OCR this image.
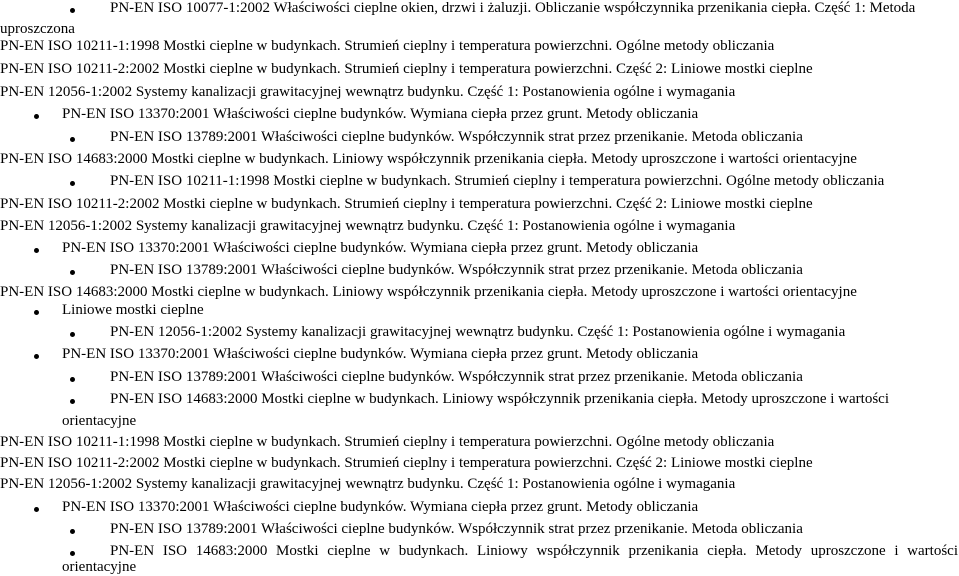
PN-EN ISO 10077-1:2002 Właściwości cieplne okien, drzwi i żaluzji. Obliczanie współczynnika przenikania ciepła. Część 1: Metoda
uproszczona
PN-EN ISO 10211-1:1998 Mostki cieplne w budynkach. Strumień cieplny i temperatura powierzchni. Ogólne metody obliczania
PN-EN ISO 10211-2:2002 Mostki cieplne w budynkach. Strumień cieplny i temperatura powierzchni. Część 2: Liniowe mostki cieplne
PN-EN 12056-1:2002 Systemy kanalizacji grawitacyjnej wewnątrz budynku. Część 1: Postanowienia ogólne i wymagania
PN-EN ISO 13370:2001 Właściwości cieplne budynków. Wymiana ciepła przez grunt. Metody obliczania
PN-EN ISO 13789:2001 Właściwości cieplne budynków. Współczynnik strat przez przenikanie. Metoda obliczania
PN-EN ISO 14683:2000 Mostki cieplne w budynkach. Liniowy współczynnik przenikania ciepła. Metody uproszczone i wartości orientacyjne
PN-EN ISO 10211-1:1998 Mostki cieplne w budynkach. Strumień cieplny i temperatura powierzchni. Ogólne metody obliczania
PN-EN ISO 10211-2:2002 Mostki cieplne w budynkach. Strumień cieplny i temperatura powierzchni. Część 2: Liniowe mostki cieplne
PN-EN 12056-1:2002 Systemy kanalizacji grawitacyjnej wewnątrz budynku. Część 1: Postanowienia ogólne i wymagania
PN-EN ISO 13370:2001 Właściwości cieplne budynków. Wymiana ciepła przez grunt. Metody obliczania
PN-EN ISO 13789:2001 Właściwości cieplne budynków. Współczynnik strat przez przenikanie. Metoda obliczania
PN-EN ISO 14683:2000 Mostki cieplne w budynkach. Liniowy współczynnik przenikania ciepła. Metody uproszczone i wartości orientacyjne
Liniowe mostki cieplne
PN-EN 12056-1:2002 Systemy kanalizacji grawitacyjnej wewnątrz budynku. Część 1: Postanowienia ogólne i wymagania
PN-EN ISO 13370:2001 Właściwości cieplne budynków. Wymiana ciepła przez grunt. Metody obliczania
PN-EN ISO 13789:2001 Właściwości cieplne budynków. Współczynnik strat przez przenikanie. Metoda obliczania
PN-EN ISO 14683:2000 Mostki cieplne w budynkach. Liniowy współczynnik przenikania ciepła. Metody uproszczone i wartości
orientacyjne
PN-EN ISO 10211-1:1998 Mostki cieplne w budynkach. Strumień cieplny i temperatura powierzchni. Ogólne metody obliczania
PN-EN ISO 10211-2:2002 Mostki cieplne w budynkach. Strumień cieplny i temperatura powierzchni. Część 2: Liniowe mostki cieplne
PN-EN 12056-1:2002 Systemy kanalizacji grawitacyjnej wewnątrz budynku. Część 1: Postanowienia ogólne i wymagania
PN-EN ISO 13370:2001 Właściwości cieplne budynków. Wymiana ciepła przez grunt. Metody obliczania
PN-EN ISO 13789:2001 Właściwości cieplne budynków. Współczynnik strat przez przenikanie. Metoda obliczania
PN-EN ISO 14683:2000 Mostki cieplne w budynkach. Liniowy współczynnik przenikania ciepła. Metody uproszczone i wartości
orientacyjne
